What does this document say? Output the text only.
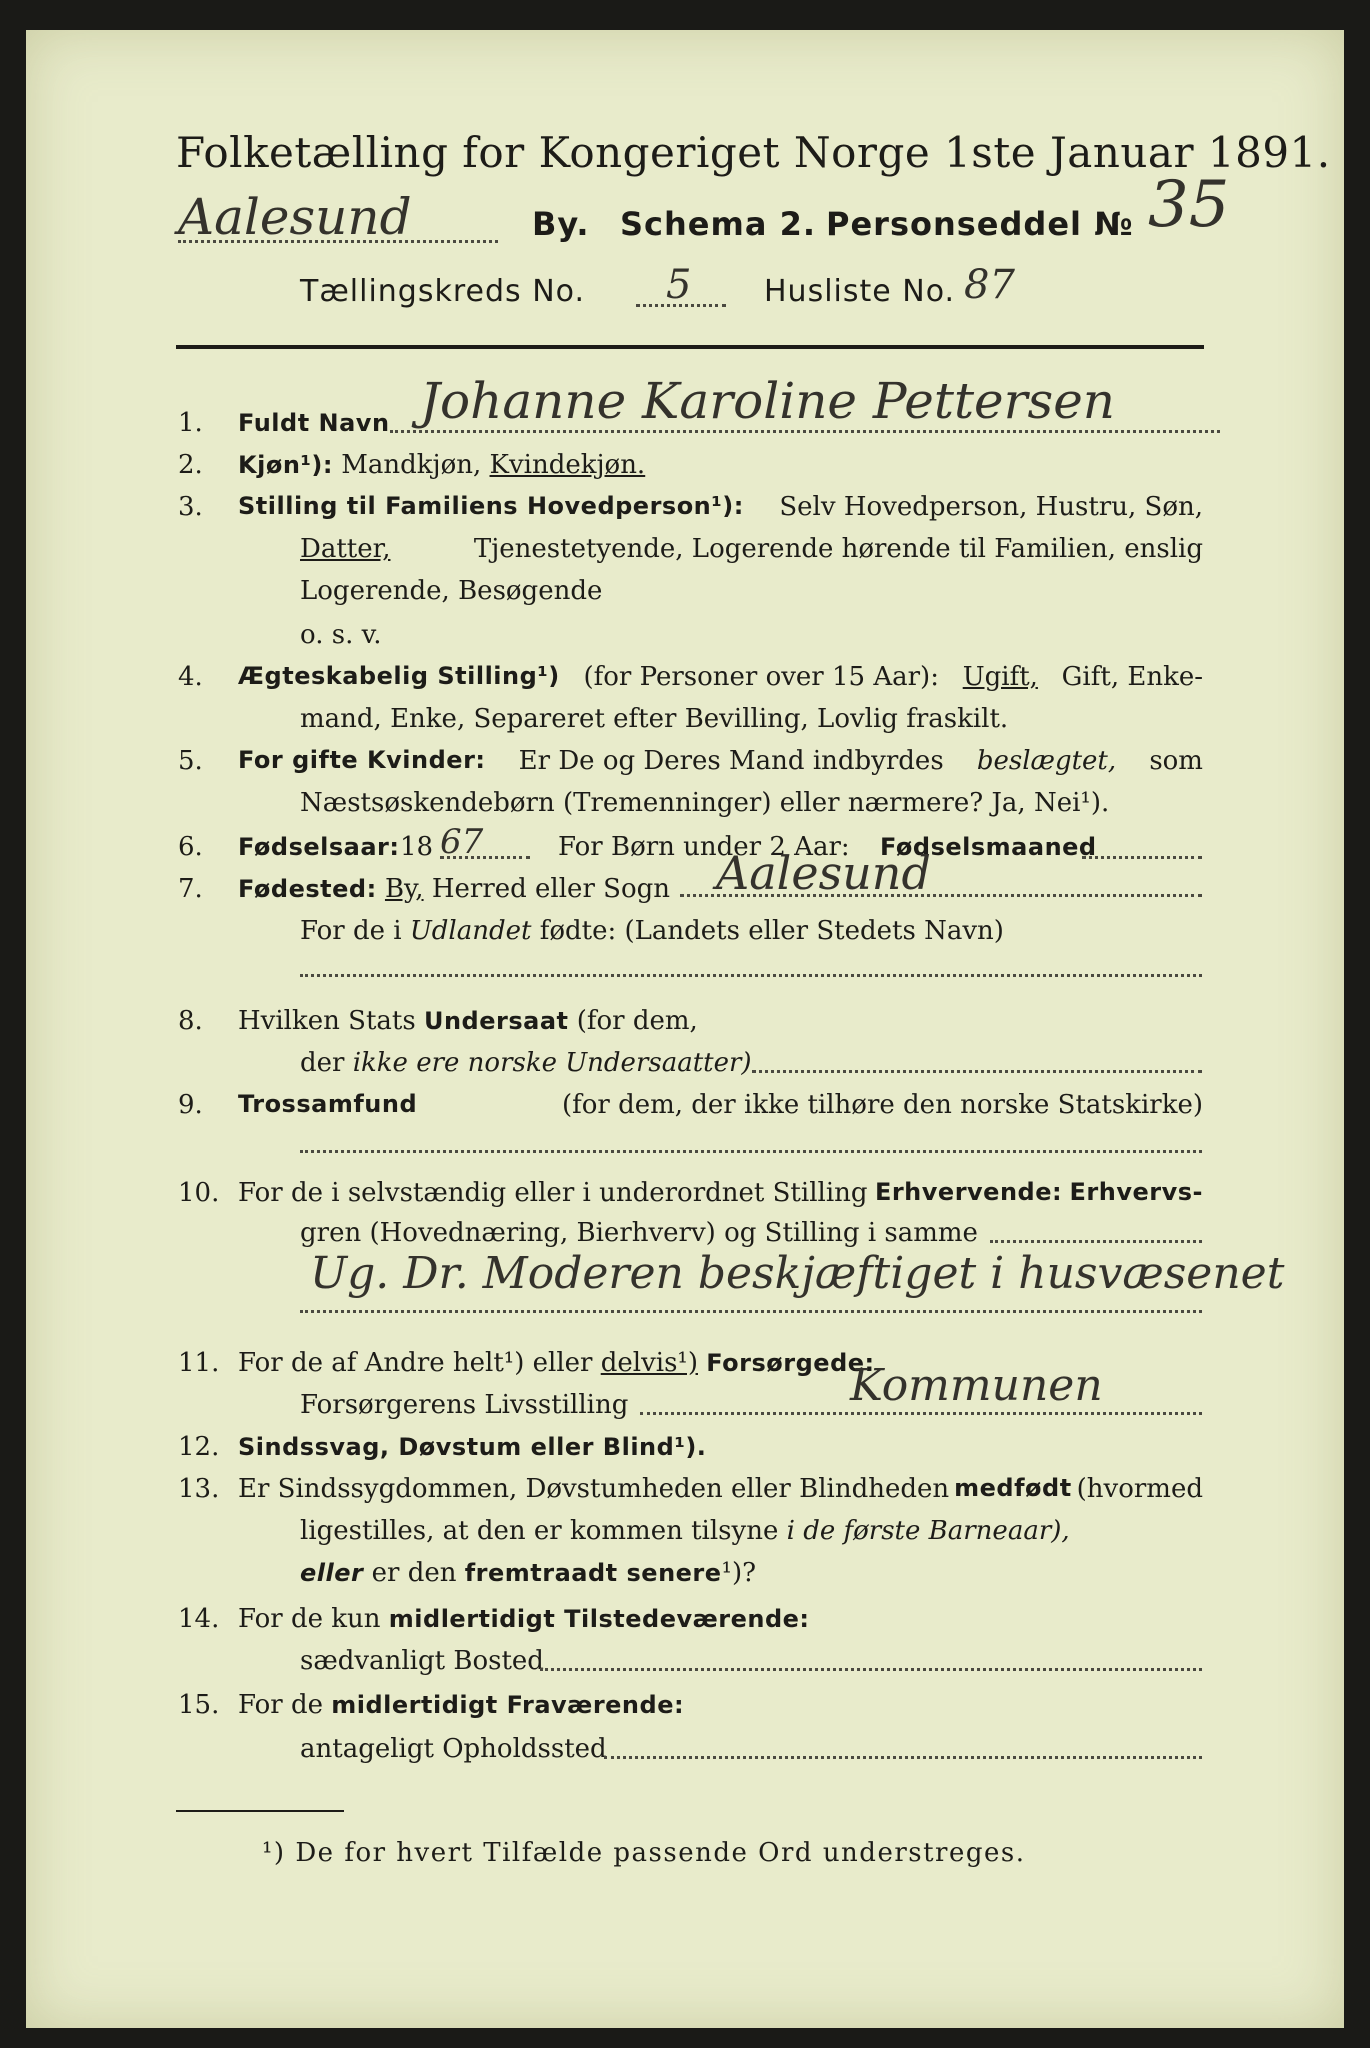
Folketælling for Kongeriget Norge 1ste Januar 1891.
Aalesund	By. Schema 2. Personseddel № 35
Tællingskreds No. 5 Husliste No. 87
1. Fuldt Navn Johanne Karoline Pettersen
2. Kjøn¹): Mandkjøn, Kvindekjøn.
3. Stilling til Familiens Hovedperson¹): Selv Hovedperson, Hustru, Søn,
Datter,	Tjenestetyende, Logerende hørende til Familien, enslig
Logerende, Besøgende
o. s. v.
4. Ægteskabelig Stilling¹) (for Personer over 15 Aar): Ugift, Gift, Enke-
mand, Enke, Separeret efter Bevilling, Lovlig fraskilt.
5. For gifte Kvinder: Er De og Deres Mand indbyrdes beslægtet, som
Næstsøskendebørn (Tremenninger) eller nærmere? Ja, Nei¹).
6. Fødselsaar: 18 67	For Børn under 2 Aar: Fødselsmaaned
7. Fødested: By, Herred eller Sogn Aalesund
For de i Udlandet fødte: (Landets eller Stedets Navn)
8. Hvilken Stats Undersaat (for dem,
der ikke ere norske Undersaatter)
9. Trossamfund	(for dem, der ikke tilhøre den norske Statskirke)
10. For de i selvstændig eller i underordnet Stilling Erhvervende: Erhvervs-
gren (Hovednæring, Bierhverv) og Stilling i samme
Ug. Dr. Moderen beskjæftiget i husvæsenet
11. For de af Andre helt¹) eller delvis¹) Forsørgede:
Forsørgerens Livsstilling	Kommunen
12. Sindssvag, Døvstum eller Blind¹).
13. Er Sindssygdommen, Døvstumheden eller Blindheden medfødt (hvormed
ligestilles, at den er kommen tilsyne i de første Barneaar),
eller er den fremtraadt senere¹)?
14. For de kun midlertidigt Tilstedeværende:
sædvanligt Bosted
15. For de midlertidigt Fraværende:
antageligt Opholdssted
¹) De for hvert Tilfælde passende Ord understreges.
